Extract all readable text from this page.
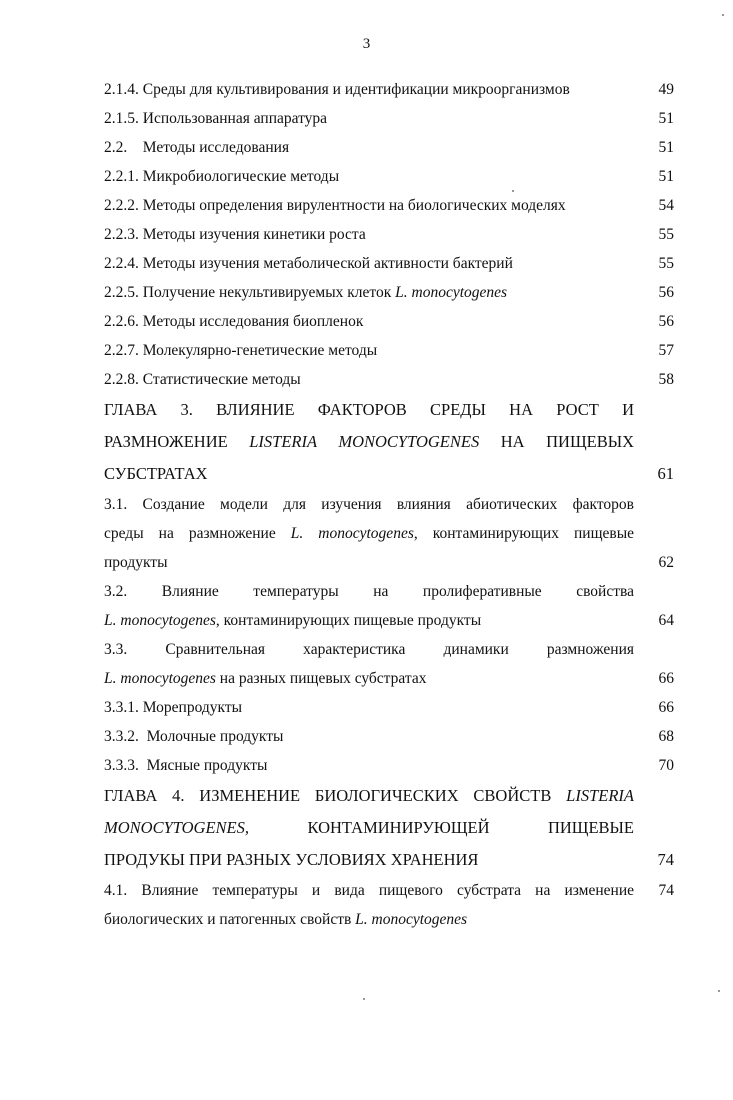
3
2.1.4. Среды для культивирования и идентификации микроорганизмов	49
2.1.5. Использованная аппаратура	51
2.2. Методы исследования	51
2.2.1. Микробиологические методы	51
2.2.2. Методы определения вирулентности на биологических моделях	54
2.2.3. Методы изучения кинетики роста	55
2.2.4. Методы изучения метаболической активности бактерий	55
2.2.5. Получение некультивируемых клеток L. monocytogenes	56
2.2.6. Методы исследования биопленок	56
2.2.7. Молекулярно-генетические методы	57
2.2.8. Статистические методы	58
ГЛАВА 3. ВЛИЯНИЕ ФАКТОРОВ СРЕДЫ НА РОСТ И
РАЗМНОЖЕНИЕ LISTERIA MONOCYTOGENES НА ПИЩЕВЫХ
СУБСТРАТАХ	61
3.1. Создание модели для изучения влияния абиотических факторов
среды на размножение L. monocytogenes, контаминирующих пищевые
продукты	62
3.2. Влияние температуры на пролиферативные свойства
L. monocytogenes, контаминирующих пищевые продукты	64
3.3. Сравнительная характеристика динамики размножения
L. monocytogenes на разных пищевых субстратах	66
3.3.1. Морепродукты	66
3.3.2. Молочные продукты	68
3.3.3. Мясные продукты	70
ГЛАВА 4. ИЗМЕНЕНИЕ БИОЛОГИЧЕСКИХ СВОЙСТВ LISTERIA
MONOCYTOGENES,	КОНТАМИНИРУЮЩЕЙ ПИЩЕВЫЕ
ПРОДУКЫ ПРИ РАЗНЫХ УСЛОВИЯХ ХРАНЕНИЯ	74
4.1. Влияние температуры и вида пищевого субстрата на изменение
биологических и патогенных свойств L. monocytogenes
74
